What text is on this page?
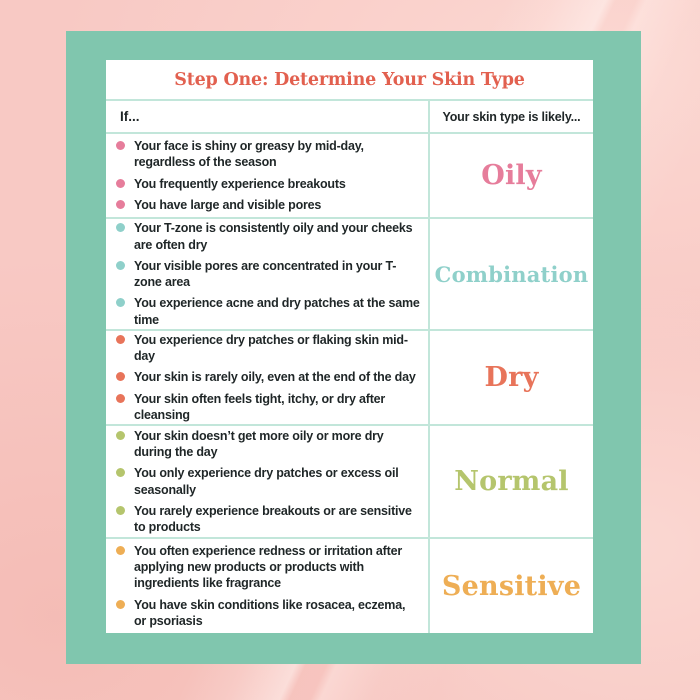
Step One: Determine Your Skin Type
If...	Your skin type is likely...
Your face is shiny or greasy by mid-day, regardless of the season
You frequently experience breakouts
You have large and visible pores
Oily
Your T-zone is consistently oily and your cheeks are often dry
Your visible pores are concentrated in your T-zone area
You experience acne and dry patches at the same time
Combination
You experience dry patches or flaking skin mid-day
Your skin is rarely oily, even at the end of the day
Your skin often feels tight, itchy, or dry after cleansing
Dry
Your skin doesn’t get more oily or more dry during the day
You only experience dry patches or excess oil seasonally
You rarely experience breakouts or are sensitive to products
Normal
You often experience redness or irritation after applying new products or products with ingredients like fragrance
You have skin conditions like rosacea, eczema, or psoriasis
Sensitive
